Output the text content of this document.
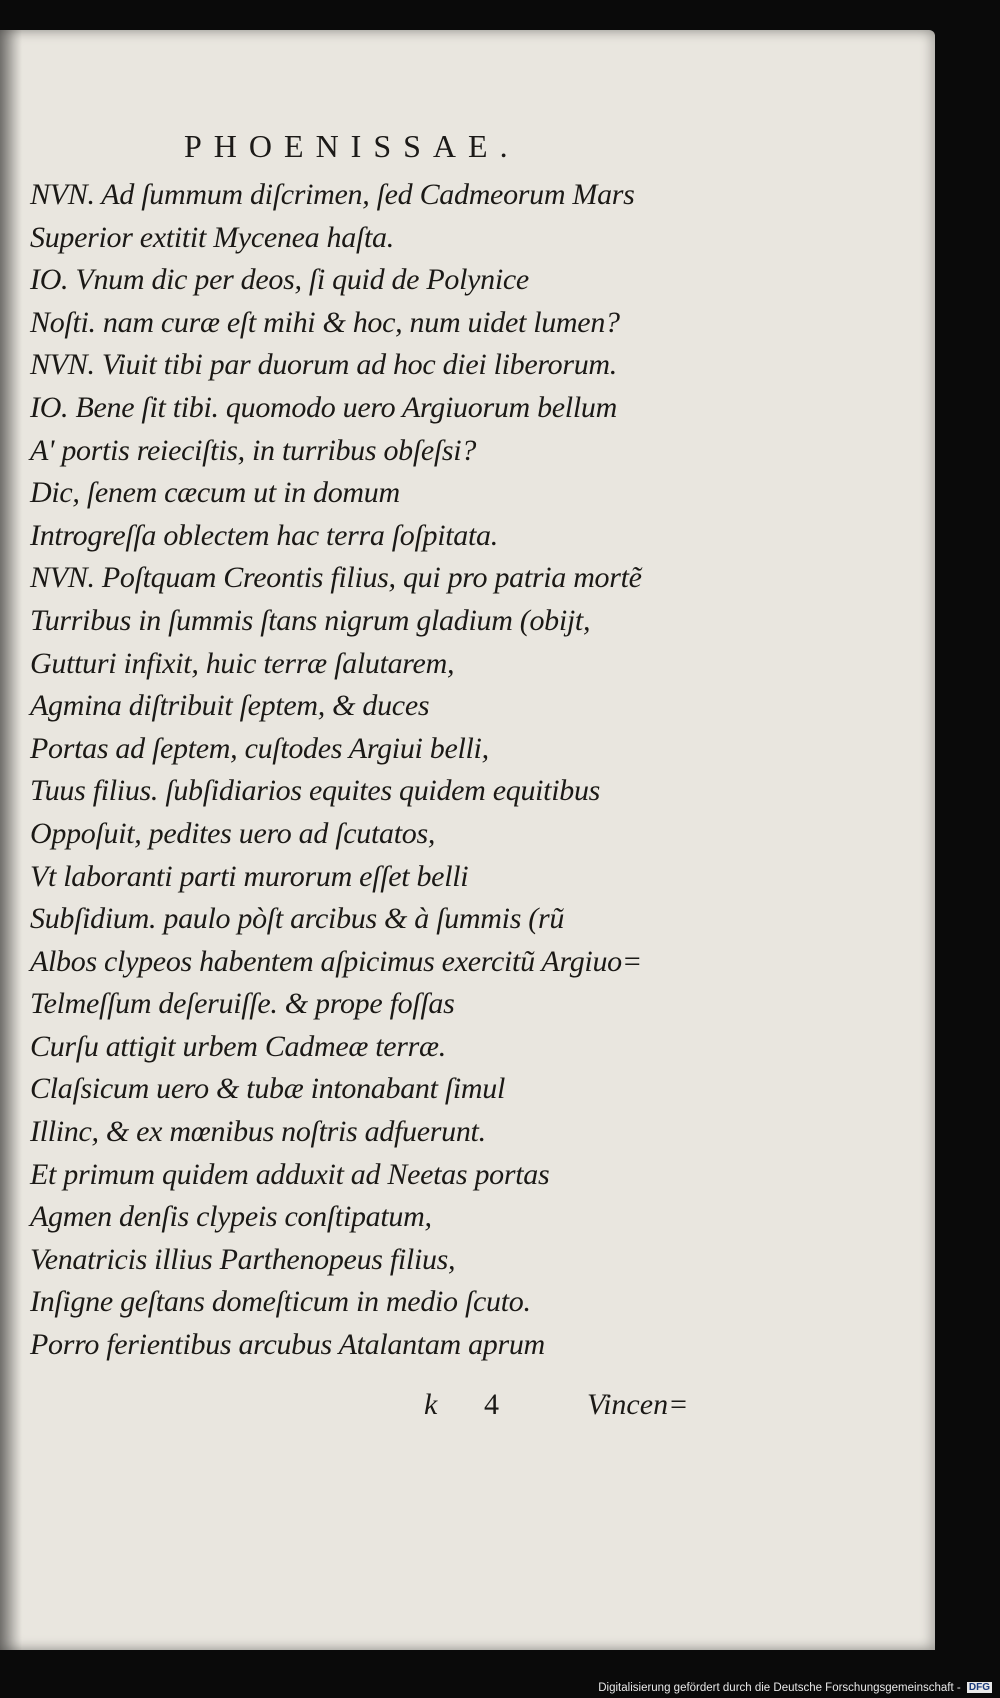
PHOENISSAE.
NVN. Ad ſummum diſcrimen, ſed Cadmeorum Mars
Superior extitit Mycenea haſta.
IO. Vnum dic per deos, ſi quid de Polynice
Noſti. nam curæ eſt mihi & hoc, num uidet lumen?
NVN. Viuit tibi par duorum ad hoc diei liberorum.
IO. Bene ſit tibi. quomodo uero Argiuorum bellum
A' portis reieciſtis, in turribus obſeſsi?
Dic, ſenem cæcum ut in domum
Introgreſſa oblectem hac terra ſoſpitata.
NVN. Poſtquam Creontis filius, qui pro patria mortẽ
Turribus in ſummis ſtans nigrum gladium (obijt,
Gutturi infixit, huic terræ ſalutarem,
Agmina diſtribuit ſeptem, & duces
Portas ad ſeptem, cuſtodes Argiui belli,
Tuus filius. ſubſidiarios equites quidem equitibus
Oppoſuit, pedites uero ad ſcutatos,
Vt laboranti parti murorum eſſet belli
Subſidium. paulo pòſt arcibus & à ſummis (rũ
Albos clypeos habentem aſpicimus exercitũ Argiuo=
Telmeſſum deſeruiſſe. & prope foſſas
Curſu attigit urbem Cadmeæ terræ.
Claſsicum uero & tubæ intonabant ſimul
Illinc, & ex mœnibus noſtris adfuerunt.
Et primum quidem adduxit ad Neetas portas
Agmen denſis clypeis conſtipatum,
Venatricis illius Parthenopeus filius,
Inſigne geſtans domeſticum in medio ſcuto.
Porro ferientibus arcubus Atalantam aprum
k 4	Vincen=
Digitalisierung gefördert durch die Deutsche Forschungsgemeinschaft - DFG
